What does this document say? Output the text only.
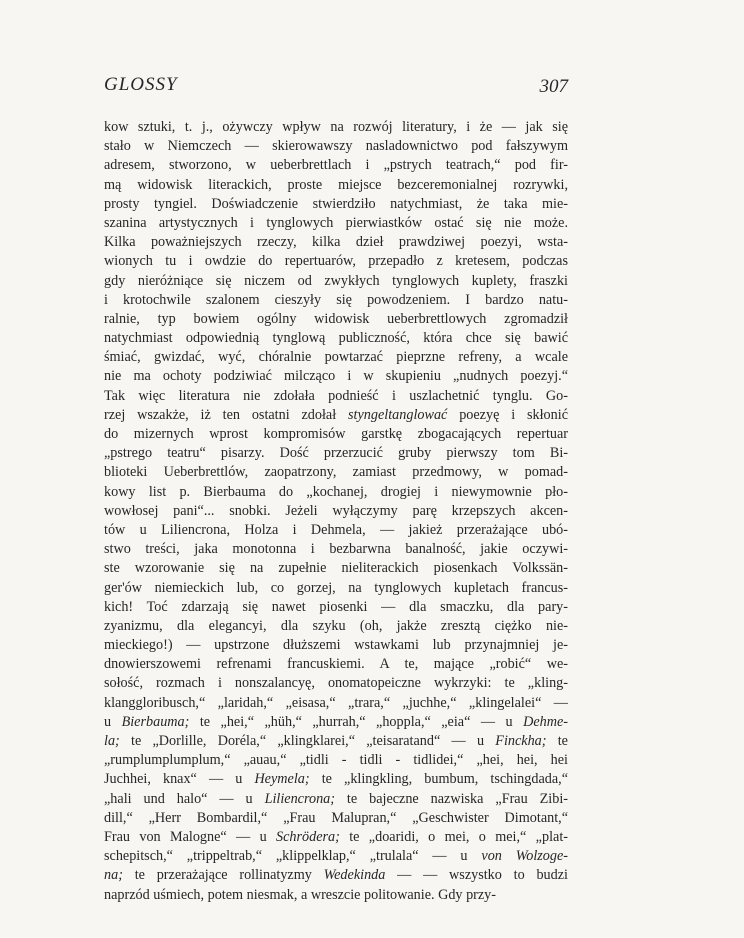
GLOSSY	307
kow sztuki, t. j., ożywczy wpływ na rozwój literatury, i że — jak się
stało w Niemczech — skierowawszy nasladownictwo pod fałszywym
adresem, stworzono, w ueberbrettlach i „pstrych teatrach,“ pod fir-
mą widowisk literackich, proste miejsce bezceremonialnej rozrywki,
prosty tyngiel. Doświadczenie stwierdziło natychmiast, że taka mie-
szanina artystycznych i tynglowych pierwiastków ostać się nie może.
Kilka poważniejszych rzeczy, kilka dzieł prawdziwej poezyi, wsta-
wionych tu i owdzie do repertuarów, przepadło z kretesem, podczas
gdy nieróżniące się niczem od zwykłych tynglowych kuplety, fraszki
i krotochwile szalonem cieszyły się powodzeniem. I bardzo natu-
ralnie, typ bowiem ogólny widowisk ueberbrettlowych zgromadził
natychmiast odpowiednią tynglową publiczność, która chce się bawić
śmiać, gwizdać, wyć, chóralnie powtarzać pieprzne refreny, a wcale
nie ma ochoty podziwiać milcząco i w skupieniu „nudnych poezyj.“
Tak więc literatura nie zdołała podnieść i uszlachetnić tynglu. Go-
rzej wszakże, iż ten ostatni zdołał styngeltanglować poezyę i skłonić
do mizernych wprost kompromisów garstkę zbogacających repertuar
„pstrego teatru“ pisarzy. Dość przerzucić gruby pierwszy tom Bi-
blioteki Ueberbrettlów, zaopatrzony, zamiast przedmowy, w pomad-
kowy list p. Bierbauma do „kochanej, drogiej i niewymownie pło-
wowłosej pani“... snobki. Jeżeli wyłączymy parę krzepszych akcen-
tów u Liliencrona, Holza i Dehmela, — jakież przerażające ubó-
stwo treści, jaka monotonna i bezbarwna banalność, jakie oczywi-
ste wzorowanie się na zupełnie nieliterackich piosenkach Volkssän-
ger'ów niemieckich lub, co gorzej, na tynglowych kupletach francus-
kich! Toć zdarzają się nawet piosenki — dla smaczku, dla pary-
zyanizmu, dla elegancyi, dla szyku (oh, jakże zresztą ciężko nie-
mieckiego!) — upstrzone dłuższemi wstawkami lub przynajmniej je-
dnowierszowemi refrenami francuskiemi. A te, mające „robić“ we-
sołość, rozmach i nonszalancyę, onomatopeiczne wykrzyki: te „kling-
klanggloribusch,“ „laridah,“ „eisasa,“ „trara,“ „juchhe,“ „klingelalei“ —
u Bierbauma; te „hei,“ „hüh,“ „hurrah,“ „hoppla,“ „eia“ — u Dehme-
la; te „Dorlille, Doréla,“ „klingklarei,“ „teisaratand“ — u Finckha; te
„rumplumplumplum,“ „auau,“ „tidli - tidli - tidlidei,“ „hei, hei, hei
Juchhei, knax“ — u Heymela; te „klingkling, bumbum, tschingdada,“
„hali und halo“ — u Liliencrona; te bajeczne nazwiska „Frau Zibi-
dill,“ „Herr Bombardil,“ „Frau Malupran,“ „Geschwister Dimotant,“
Frau von Malogne“ — u Schrödera; te „doaridi, o mei, o mei,“ „plat-
schepitsch,“ „trippeltrab,“ „klippelklap,“ „trulala“ — u von Wolzoge-
na; te przerażające rollinatyzmy Wedekinda — — wszystko to budzi
naprzód uśmiech, potem niesmak, a wreszcie politowanie. Gdy przy-
